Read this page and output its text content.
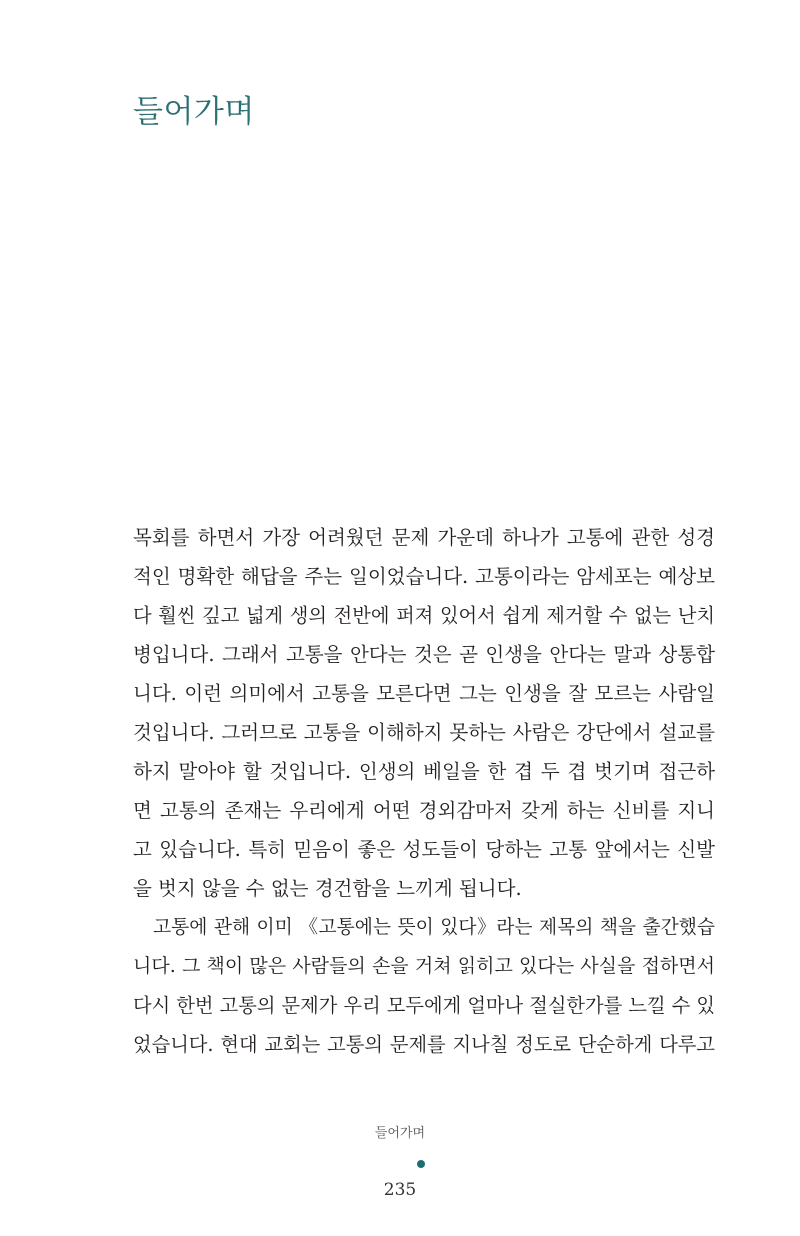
들어가며
목회를 하면서 가장 어려웠던 문제 가운데 하나가 고통에 관한 성경
적인 명확한 해답을 주는 일이었습니다. 고통이라는 암세포는 예상보
다 훨씬 깊고 넓게 생의 전반에 퍼져 있어서 쉽게 제거할 수 없는 난치
병입니다. 그래서 고통을 안다는 것은 곧 인생을 안다는 말과 상통합
니다. 이런 의미에서 고통을 모른다면 그는 인생을 잘 모르는 사람일
것입니다. 그러므로 고통을 이해하지 못하는 사람은 강단에서 설교를
하지 말아야 할 것입니다. 인생의 베일을 한 겹 두 겹 벗기며 접근하
면 고통의 존재는 우리에게 어떤 경외감마저 갖게 하는 신비를 지니
고 있습니다. 특히 믿음이 좋은 성도들이 당하는 고통 앞에서는 신발
을 벗지 않을 수 없는 경건함을 느끼게 됩니다.
고통에 관해 이미 《고통에는 뜻이 있다》라는 제목의 책을 출간했습
니다. 그 책이 많은 사람들의 손을 거쳐 읽히고 있다는 사실을 접하면서
다시 한번 고통의 문제가 우리 모두에게 얼마나 절실한가를 느낄 수 있
었습니다. 현대 교회는 고통의 문제를 지나칠 정도로 단순하게 다루고
들어가며
235
